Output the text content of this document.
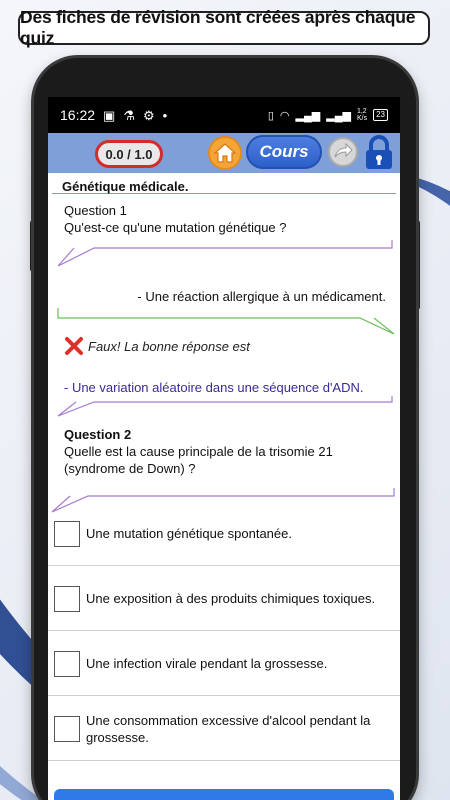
Des fiches de révision sont créées après chaque quiz
16:22 ▣ ⚗ ⚙ •	▯ ◠ ▂▄▆ ▂▄▆ 1,2
K/s	23
0.0 / 1.0	Cours
Génétique médicale.
Question 1
Qu'est-ce qu'une mutation génétique ?
- Une réaction allergique à un médicament.
Faux! La bonne réponse est
- Une variation aléatoire dans une séquence d'ADN.
Question 2
Quelle est la cause principale de la trisomie 21
(syndrome de Down) ?
Une mutation génétique spontanée.
Une exposition à des produits chimiques toxiques.
Une infection virale pendant la grossesse.
Une consommation excessive d'alcool pendant la grossesse.
